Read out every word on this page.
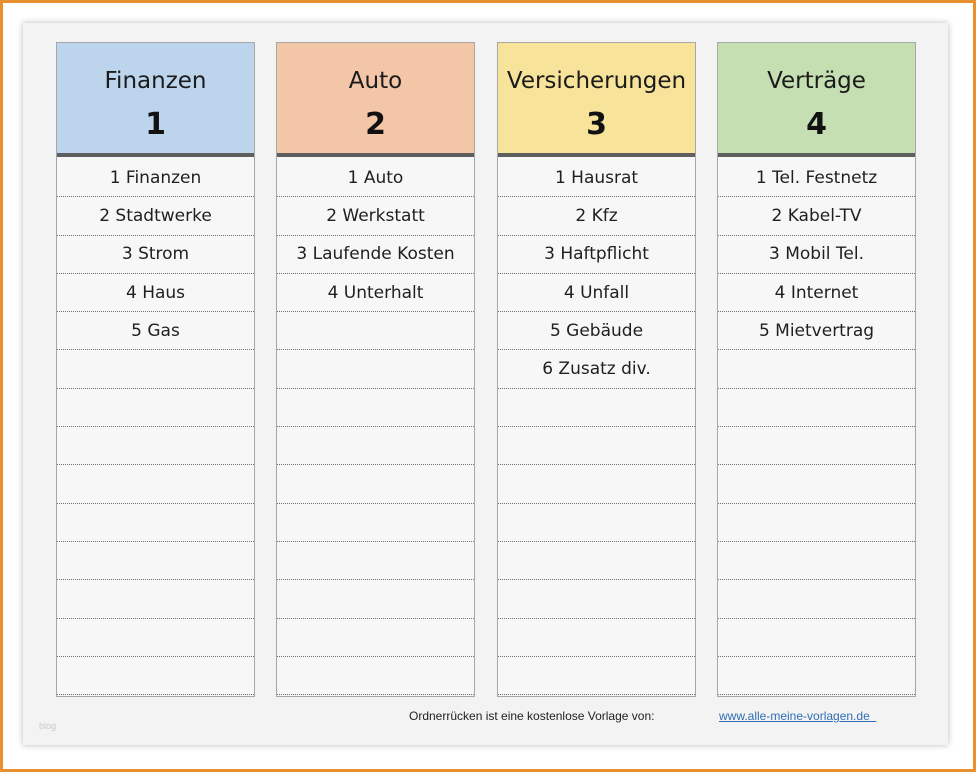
Finanzen
1
1 Finanzen
2 Stadtwerke
3 Strom
4 Haus
5 Gas
Auto
2
1 Auto
2 Werkstatt
3 Laufende Kosten
4 Unterhalt
Versicherungen
3
1 Hausrat
2 Kfz
3 Haftpflicht
4 Unfall
5 Gebäude
6 Zusatz div.
Verträge
4
1 Tel. Festnetz
2 Kabel-TV
3 Mobil Tel.
4 Internet
5 Mietvertrag
blog
Ordnerrücken ist eine kostenlose Vorlage von:	www.alle-meine-vorlagen.de
